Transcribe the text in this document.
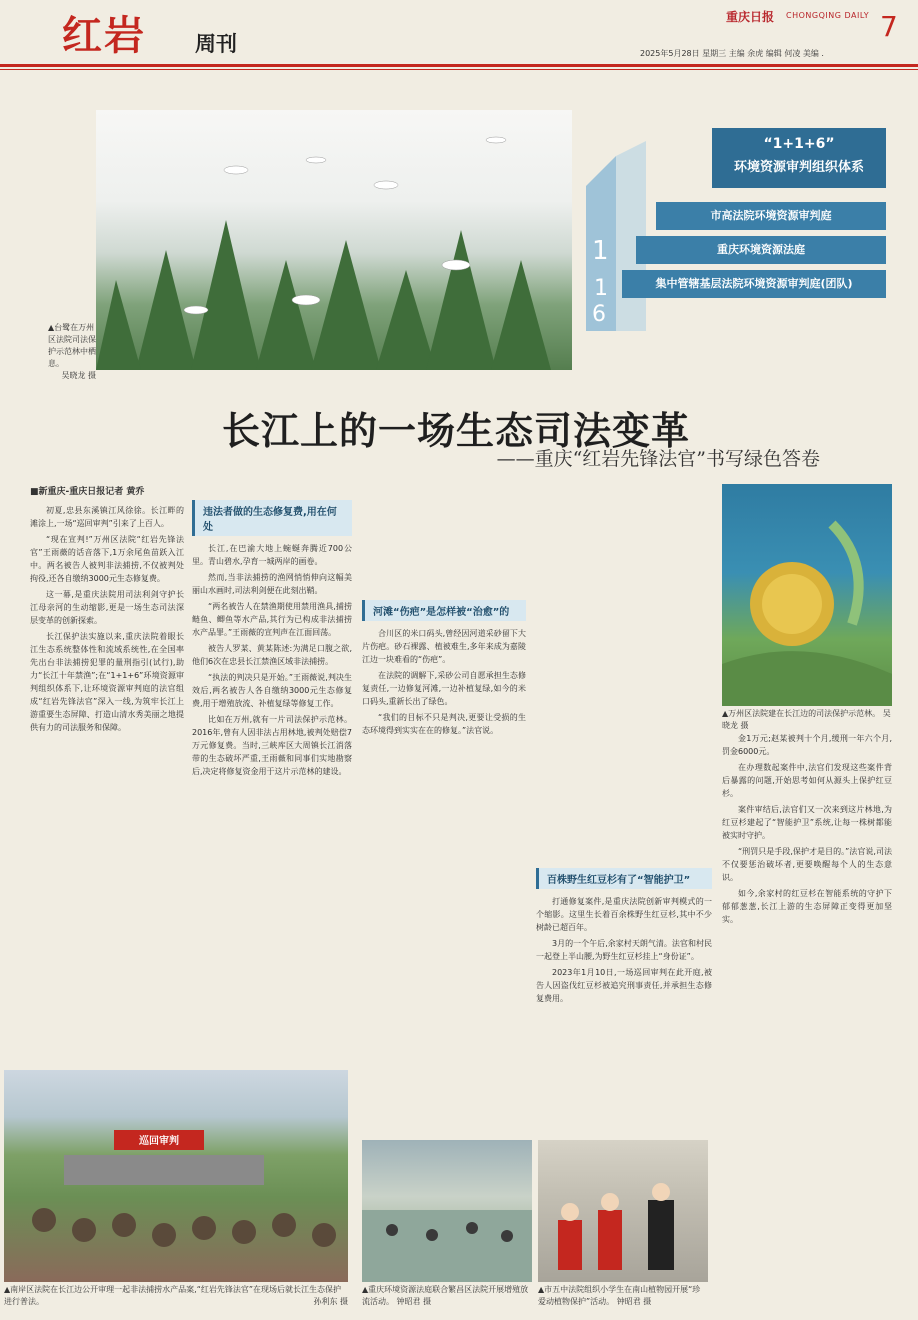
红岩 周刊
重庆日报 CHONGQING DAILY 7
2025年5月28日 星期三 主编 余虎 编辑 何凌 美编 .
▲台鹭在万州区法院司法保护示范林中栖息。
吴晓龙 摄
1
1
6
“1+1+6”
环境资源审判组织体系
市高法院环境资源审判庭
重庆环境资源法庭
集中管辖基层法院环境资源审判庭(团队)
长江上的一场生态司法变革
——重庆“红岩先锋法官”书写绿色答卷
■新重庆-重庆日报记者 黄乔

初夏,忠县东溪镇江风徐徐。长江畔的滩涂上,一场“巡回审判”引来了上百人。

“现在宣判!”万州区法院“红岩先锋法官”王雨薇的话音落下,1万余尾鱼苗跃入江中。两名被告人被判非法捕捞,不仅被判处拘役,还各自缴纳3000元生态修复费。

这一幕,是重庆法院用司法利剑守护长江母亲河的生动缩影,更是一场生态司法深层变革的创新探索。

长江保护法实施以来,重庆法院着眼长江生态系统整体性和流域系统性,在全国率先出台非法捕捞犯罪的量刑指引(试行),助力“长江十年禁渔”;在“1+1+6”环境资源审判组织体系下,让环境资源审判庭的法官组成“红岩先锋法官”深入一线,为筑牢长江上游重要生态屏障、打造山清水秀美丽之地提供有力的司法服务和保障。

违法者做的生态修复费,用在何处

长江,在巴渝大地上蜿蜒奔腾近700公里。青山碧水,孕育一城两岸的画卷。

然而,当非法捕捞的渔网悄悄伸向这幅美丽山水画时,司法利剑便在此刻出鞘。

“两名被告人在禁渔期使用禁用渔具,捕捞鲢鱼、鲫鱼等水产品,其行为已构成非法捕捞水产品罪。”王雨薇的宣判声在江面回荡。

被告人罗某、黄某陈述:为满足口腹之欲,他们6次在忠县长江禁渔区域非法捕捞。

“执法的判决只是开始。”王雨薇说,判决生效后,两名被告人各自缴纳3000元生态修复费,用于增殖放流、补植复绿等修复工作。

比如在万州,就有一片司法保护示范林。2016年,曾有人因非法占用林地,被判处赔偿7万元修复费。当时,三峡库区大周镇长江消落带的生态破坏严重,王雨薇和同事们实地勘察后,决定将修复资金用于这片示范林的建设。

河滩“伤疤”是怎样被“治愈”的

合川区的米口码头,曾经因河道采砂留下大片伤疤。砂石裸露、植被难生,多年来成为嘉陵江边一块难看的“伤疤”。

在法院的调解下,采砂公司自愿承担生态修复责任,一边修复河滩,一边补植复绿,如今的米口码头,重新长出了绿色。

“我们的目标不只是判决,更要让受损的生态环境得到实实在在的修复。”法官说。

百株野生红豆杉有了“智能护卫”

打通修复案件,是重庆法院创新审判模式的一个缩影。这里生长着百余株野生红豆杉,其中不少树龄已超百年。

3月的一个午后,余家村天朗气清。法官和村民一起登上半山腰,为野生红豆杉挂上“身份证”。

2023年1月10日,一场巡回审判在此开庭,被告人因盗伐红豆杉被追究刑事责任,并承担生态修复费用。

▲万州区法院建在长江边的司法保护示范林。 吴晓龙 摄

金1万元;赵某被判十个月,缓刑一年六个月,罚金6000元。

在办理数起案件中,法官们发现这些案件背后暴露的问题,开始思考如何从源头上保护红豆杉。

案件审结后,法官们又一次来到这片林地,为红豆杉建起了“智能护卫”系统,让每一株树都能被实时守护。

“刑罚只是手段,保护才是目的。”法官说,司法不仅要惩治破坏者,更要唤醒每个人的生态意识。

如今,余家村的红豆杉在智能系统的守护下郁郁葱葱,长江上游的生态屏障正变得更加坚实。

巡回审判
▲南岸区法院在长江边公开审理一起非法捕捞水产品案,“红岩先锋法官”在现场后就长江生态保护进行普法。	孙利东 摄
▲重庆环境资源法庭联合繁昌区法院开展增殖放流活动。 钟昭君 摄
▲市五中法院组织小学生在南山植物园开展“珍爱动植物保护”活动。 钟昭君 摄
